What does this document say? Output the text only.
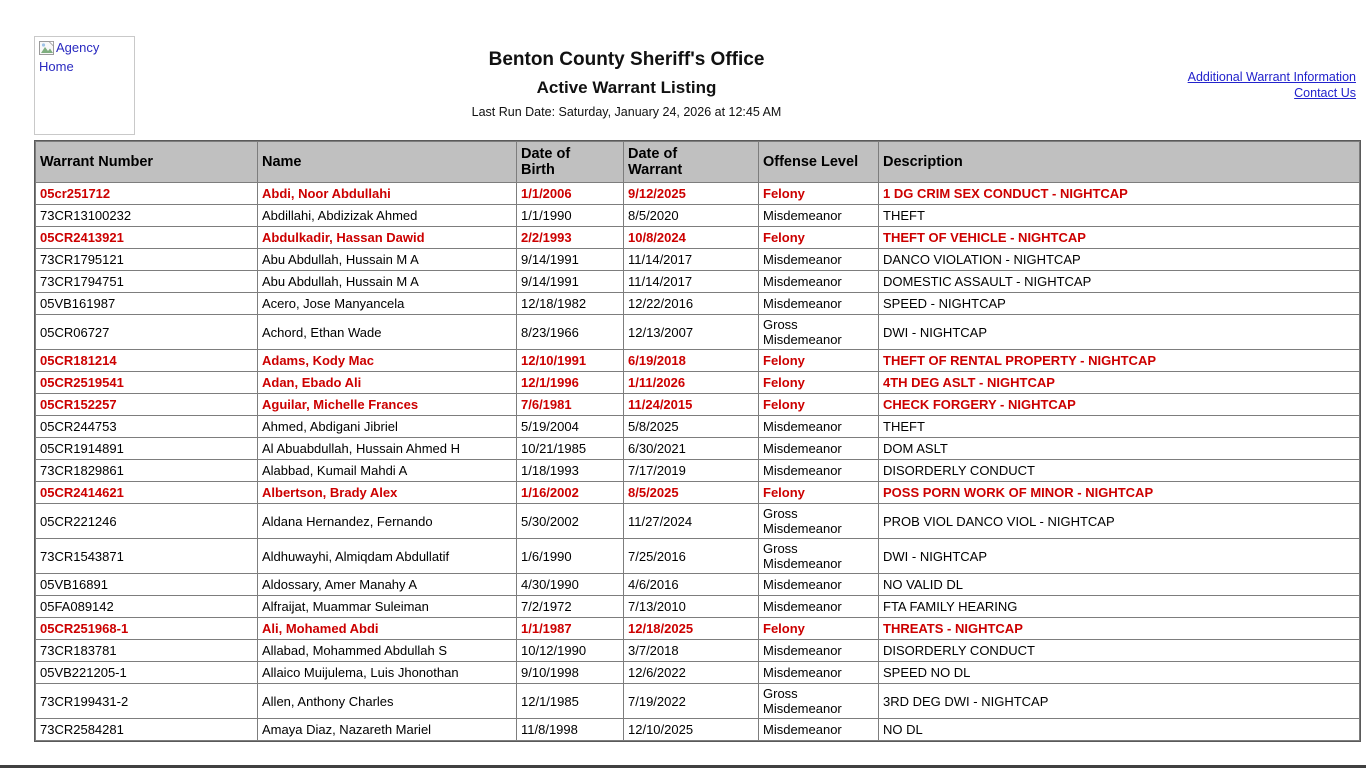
Agency Home	Benton County Sheriff's Office
Active Warrant Listing
Last Run Date: Saturday, January 24, 2026 at 12:45 AM
Additional Warrant Information
Contact Us
Warrant Number	Name	Date of Birth	Date of Warrant	Offense Level	Description
05cr251712	Abdi, Noor Abdullahi	1/1/2006	9/12/2025	Felony	1 DG CRIM SEX CONDUCT - NIGHTCAP
73CR13100232	Abdillahi, Abdizizak Ahmed	1/1/1990	8/5/2020	Misdemeanor	THEFT
05CR2413921	Abdulkadir, Hassan Dawid	2/2/1993	10/8/2024	Felony	THEFT OF VEHICLE - NIGHTCAP
73CR1795121	Abu Abdullah, Hussain M A	9/14/1991	11/14/2017	Misdemeanor	DANCO VIOLATION - NIGHTCAP
73CR1794751	Abu Abdullah, Hussain M A	9/14/1991	11/14/2017	Misdemeanor	DOMESTIC ASSAULT - NIGHTCAP
05VB161987	Acero, Jose Manyancela	12/18/1982	12/22/2016	Misdemeanor	SPEED - NIGHTCAP
05CR06727	Achord, Ethan Wade	8/23/1966	12/13/2007	Gross Misdemeanor	DWI - NIGHTCAP
05CR181214	Adams, Kody Mac	12/10/1991	6/19/2018	Felony	THEFT OF RENTAL PROPERTY - NIGHTCAP
05CR2519541	Adan, Ebado Ali	12/1/1996	1/11/2026	Felony	4TH DEG ASLT - NIGHTCAP
05CR152257	Aguilar, Michelle Frances	7/6/1981	11/24/2015	Felony	CHECK FORGERY - NIGHTCAP
05CR244753	Ahmed, Abdigani Jibriel	5/19/2004	5/8/2025	Misdemeanor	THEFT
05CR1914891	Al Abuabdullah, Hussain Ahmed H	10/21/1985	6/30/2021	Misdemeanor	DOM ASLT
73CR1829861	Alabbad, Kumail Mahdi A	1/18/1993	7/17/2019	Misdemeanor	DISORDERLY CONDUCT
05CR2414621	Albertson, Brady Alex	1/16/2002	8/5/2025	Felony	POSS PORN WORK OF MINOR - NIGHTCAP
05CR221246	Aldana Hernandez, Fernando	5/30/2002	11/27/2024	Gross Misdemeanor	PROB VIOL DANCO VIOL - NIGHTCAP
73CR1543871	Aldhuwayhi, Almiqdam Abdullatif	1/6/1990	7/25/2016	Gross Misdemeanor	DWI - NIGHTCAP
05VB16891	Aldossary, Amer Manahy A	4/30/1990	4/6/2016	Misdemeanor	NO VALID DL
05FA089142	Alfraijat, Muammar Suleiman	7/2/1972	7/13/2010	Misdemeanor	FTA FAMILY HEARING
05CR251968-1	Ali, Mohamed Abdi	1/1/1987	12/18/2025	Felony	THREATS - NIGHTCAP
73CR183781	Allabad, Mohammed Abdullah S	10/12/1990	3/7/2018	Misdemeanor	DISORDERLY CONDUCT
05VB221205-1	Allaico Muijulema, Luis Jhonothan	9/10/1998	12/6/2022	Misdemeanor	SPEED NO DL
73CR199431-2	Allen, Anthony Charles	12/1/1985	7/19/2022	Gross Misdemeanor	3RD DEG DWI - NIGHTCAP
73CR2584281	Amaya Diaz, Nazareth Mariel	11/8/1998	12/10/2025	Misdemeanor	NO DL
